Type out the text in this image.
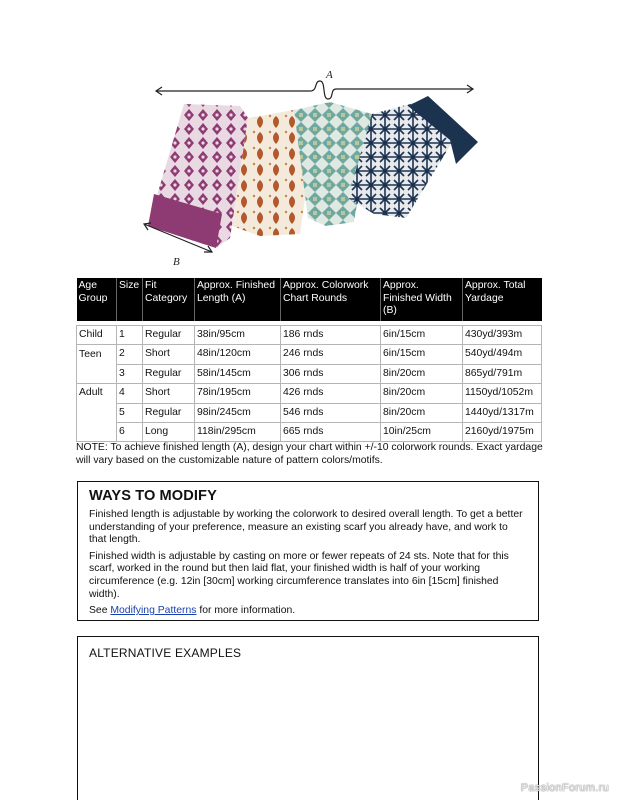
A
B
Age Group	Size	Fit Category	Approx. Finished Length (A)	Approx. Colorwork Chart Rounds	Approx. Finished Width (B)	Approx. Total Yardage

Child	1	Regular	38in/95cm	186 rnds	6in/15cm	430yd/393m
Teen	2	Short	48in/120cm	246 rnds	6in/15cm	540yd/494m
	3	Regular	58in/145cm	306 rnds	8in/20cm	865yd/791m
Adult	4	Short	78in/195cm	426 rnds	8in/20cm	1150yd/1052m
	5	Regular	98in/245cm	546 rnds	8in/20cm	1440yd/1317m
	6	Long	118in/295cm	665 rnds	10in/25cm	2160yd/1975m

NOTE: To achieve finished length (A), design your chart within +/-10 colorwork rounds. Exact yardage will vary based on the customizable nature of pattern colors/motifs.

WAYS TO MODIFY

Finished length is adjustable by working the colorwork to desired overall length. To get a better understanding of your preference, measure an existing scarf you already have, and work to that length.

Finished width is adjustable by casting on more or fewer repeats of 24 sts. Note that for this scarf, worked in the round but then laid flat, your finished width is half of your working circumference (e.g. 12in [30cm] working circumference translates into 6in [15cm] finished width).

See Modifying Patterns for more information.

ALTERNATIVE EXAMPLES
PassionForum.ru
